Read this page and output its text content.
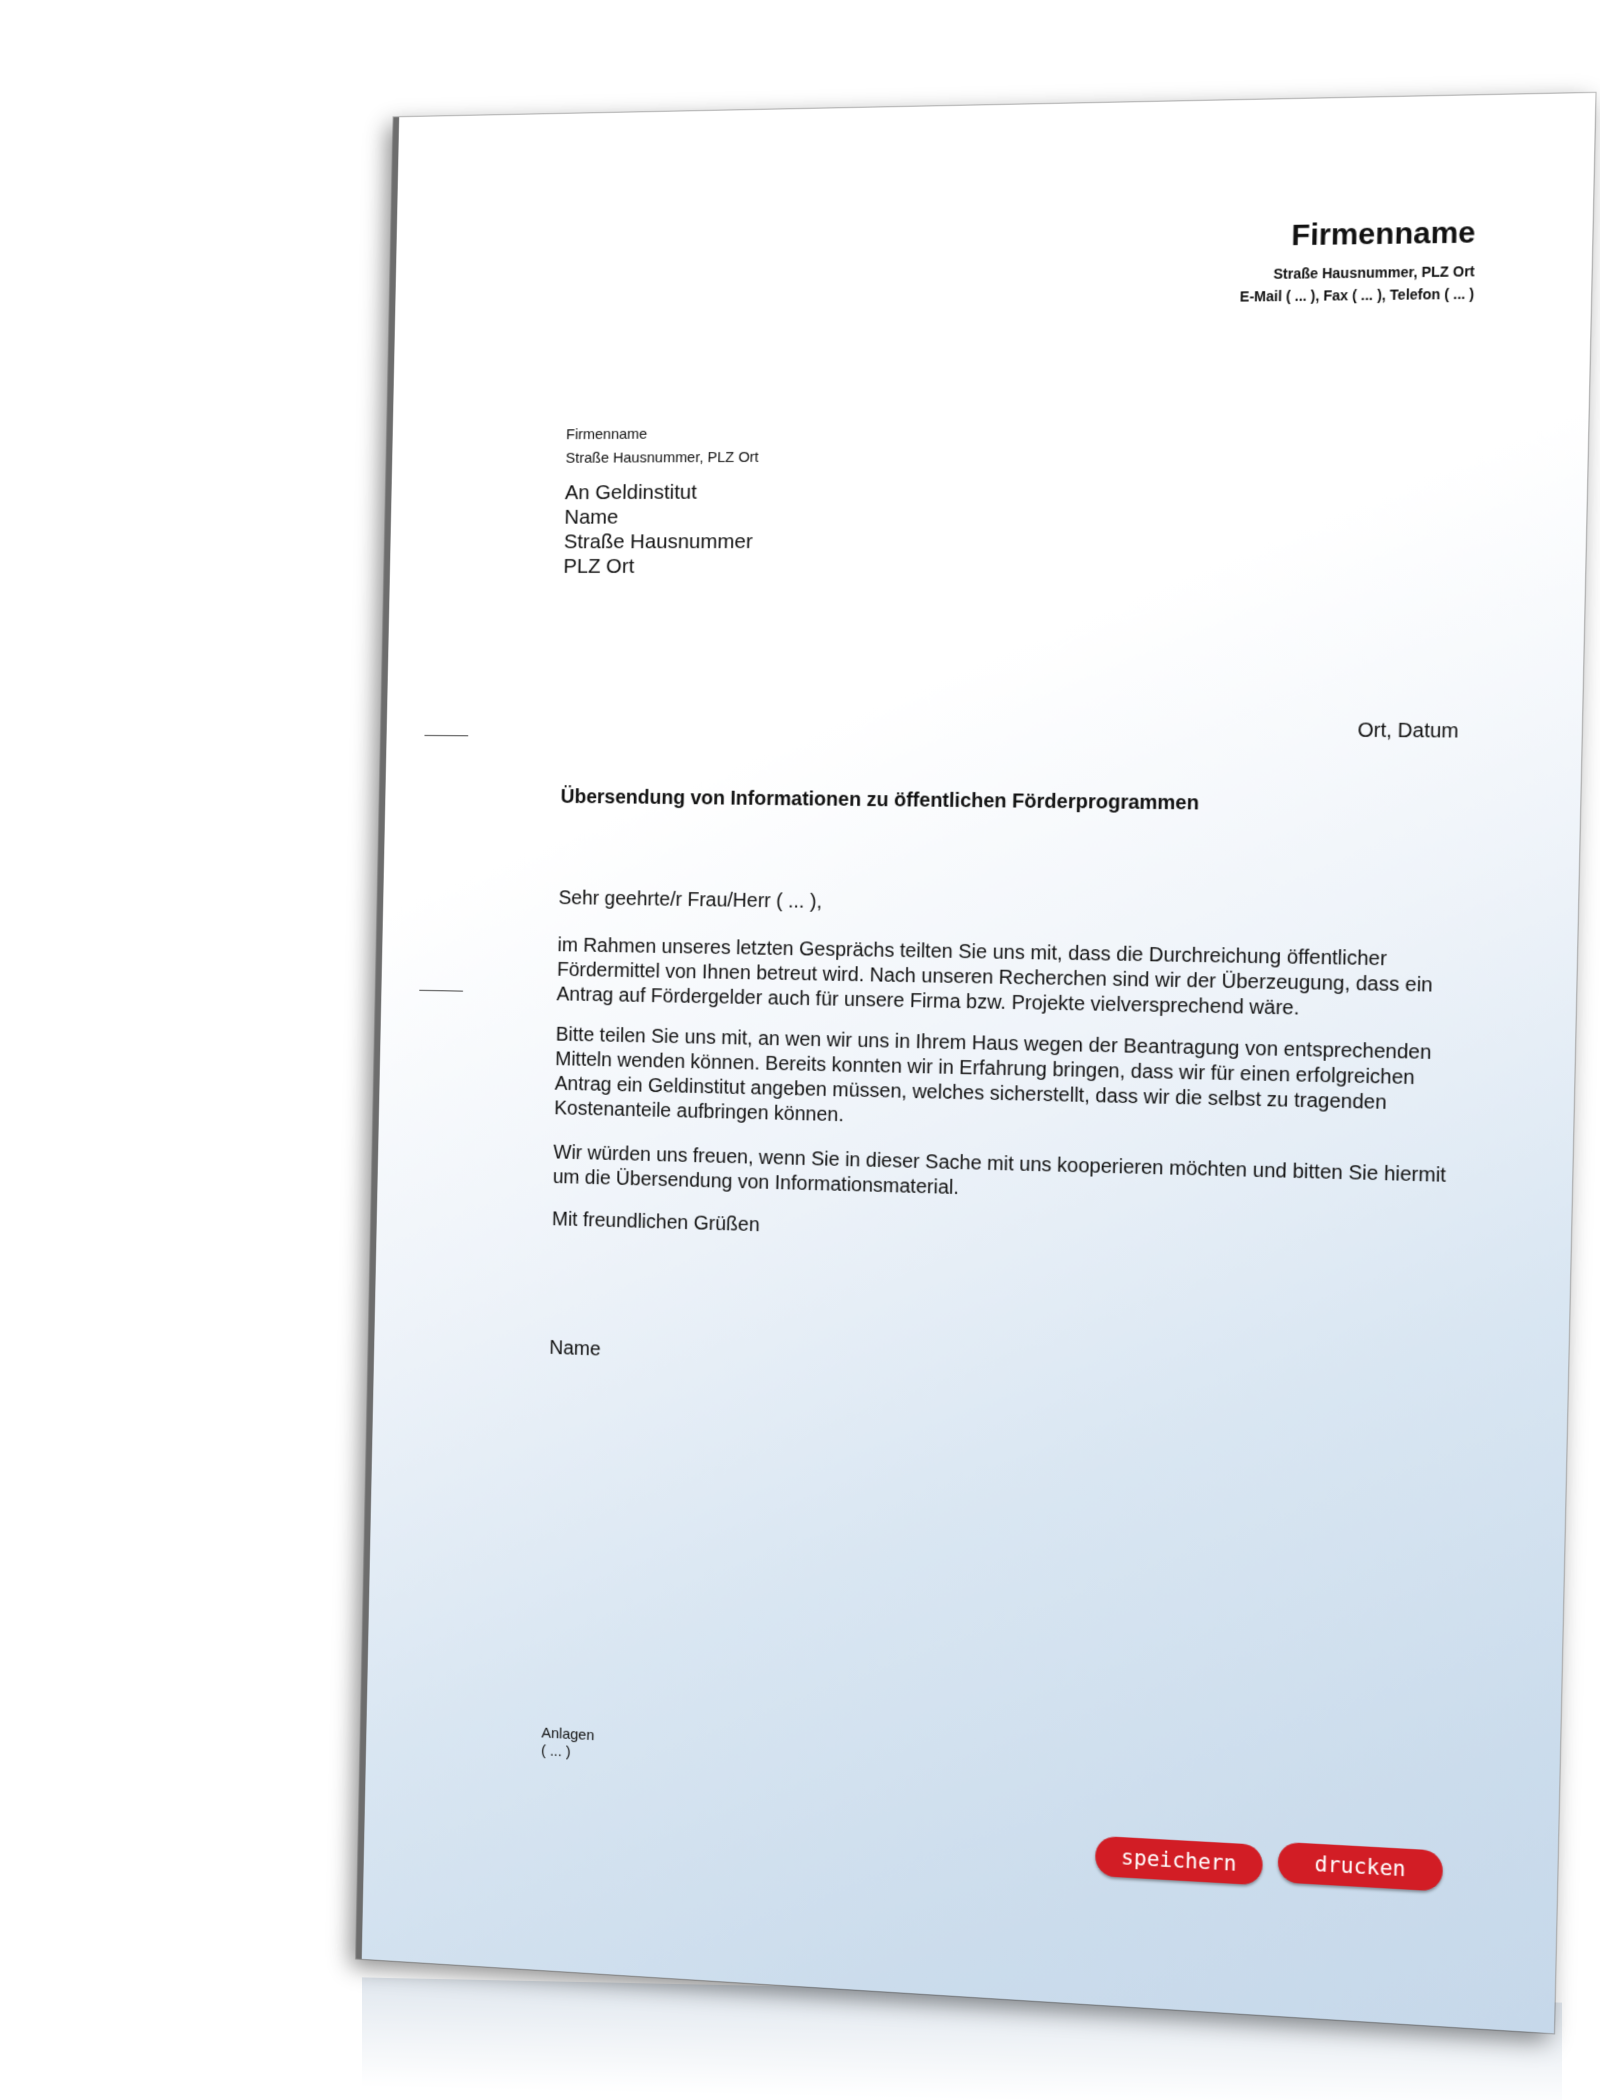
Firmenname
Straße Hausnummer, PLZ Ort
E-Mail ( ... ), Fax ( ... ), Telefon ( ... )
Firmenname
Straße Hausnummer, PLZ Ort
An Geldinstitut
Name
Straße Hausnummer
PLZ Ort
Ort, Datum
Übersendung von Informationen zu öffentlichen Förderprogrammen
Sehr geehrte/r Frau/Herr ( ... ),
im Rahmen unseres letzten Gesprächs teilten Sie uns mit, dass die Durchreichung öffentlicher Fördermittel von Ihnen betreut wird. Nach unseren Recherchen sind wir der Überzeugung, dass ein Antrag auf Fördergelder auch für unsere Firma bzw. Projekte vielversprechend wäre.
Bitte teilen Sie uns mit, an wen wir uns in Ihrem Haus wegen der Beantragung von entsprechenden Mitteln wenden können. Bereits konnten wir in Erfahrung bringen, dass wir für einen erfolgreichen Antrag ein Geldinstitut angeben müssen, welches sicherstellt, dass wir die selbst zu tragenden Kostenanteile aufbringen können.
Wir würden uns freuen, wenn Sie in dieser Sache mit uns kooperieren möchten und bitten Sie hiermit um die Übersendung von Informationsmaterial.
Mit freundlichen Grüßen
Name
Anlagen
( ... )
speichern	drucken
